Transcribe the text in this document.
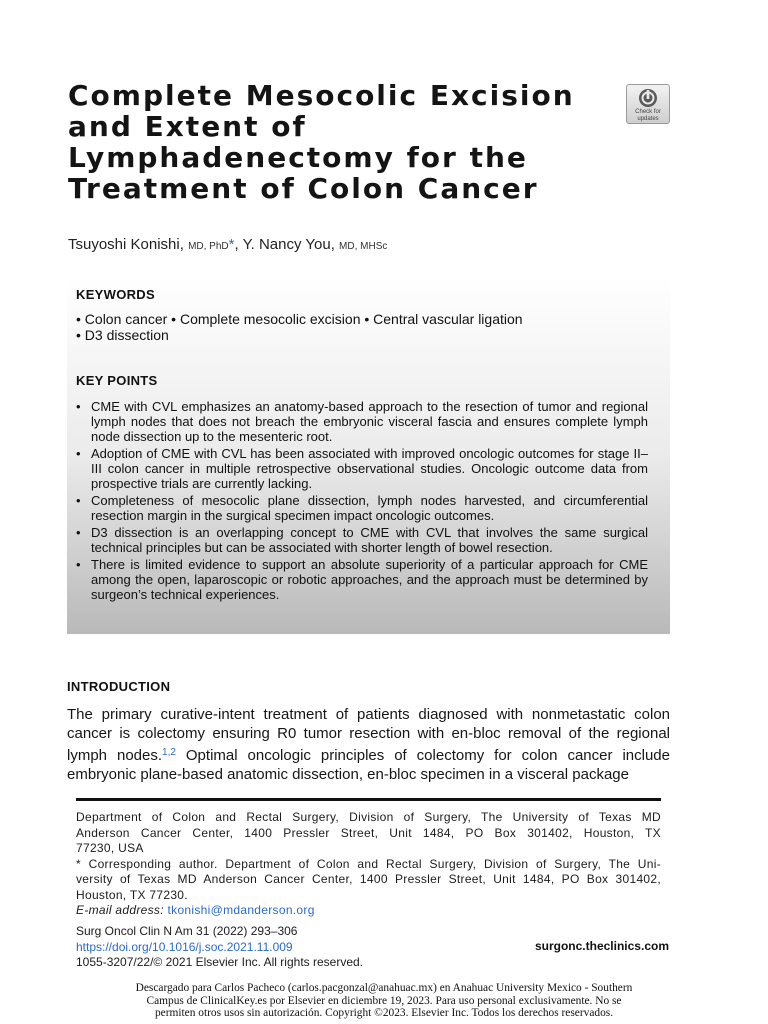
Complete Mesocolic Excision
and Extent of
Lymphadenectomy for the
Treatment of Colon Cancer
Check for
updates
Tsuyoshi Konishi, MD, PhD*, Y. Nancy You, MD, MHSc
KEYWORDS
• Colon cancer • Complete mesocolic excision • Central vascular ligation
• D3 dissection
KEY POINTS
• CME with CVL emphasizes an anatomy-based approach to the resection of tumor and regional lymph nodes that does not breach the embryonic visceral fascia and ensures complete lymph node dissection up to the mesenteric root.
• Adoption of CME with CVL has been associated with improved oncologic outcomes for stage II–III colon cancer in multiple retrospective observational studies. Oncologic outcome data from prospective trials are currently lacking.
• Completeness of mesocolic plane dissection, lymph nodes harvested, and circumferential resection margin in the surgical specimen impact oncologic outcomes.
• D3 dissection is an overlapping concept to CME with CVL that involves the same surgical technical principles but can be associated with shorter length of bowel resection.
• There is limited evidence to support an absolute superiority of a particular approach for CME among the open, laparoscopic or robotic approaches, and the approach must be determined by surgeon’s technical experiences.
INTRODUCTION

The primary curative-intent treatment of patients diagnosed with nonmetastatic colon
cancer is colectomy ensuring R0 tumor resection with en-bloc removal of the regional
lymph nodes.$^{1,2}$ Optimal oncologic principles of colectomy for colon cancer include
embryonic plane-based anatomic dissection, en-bloc specimen in a visceral package

Department of Colon and Rectal Surgery, Division of Surgery, The University of Texas MD
Anderson Cancer Center, 1400 Pressler Street, Unit 1484, PO Box 301402, Houston, TX
77230, USA
* Corresponding author. Department of Colon and Rectal Surgery, Division of Surgery, The Uni-
versity of Texas MD Anderson Cancer Center, 1400 Pressler Street, Unit 1484, PO Box 301402,
Houston, TX 77230.
E-mail address: tkonishi@mdanderson.org
Surg Oncol Clin N Am 31 (2022) 293–306
https://doi.org/10.1016/j.soc.2021.11.009
1055-3207/22/© 2021 Elsevier Inc. All rights reserved.
surgonc.theclinics.com
Descargado para Carlos Pacheco (carlos.pacgonzal@anahuac.mx) en Anahuac University Mexico - Southern
Campus de ClinicalKey.es por Elsevier en diciembre 19, 2023. Para uso personal exclusivamente. No se
permiten otros usos sin autorización. Copyright ©2023. Elsevier Inc. Todos los derechos reservados.
